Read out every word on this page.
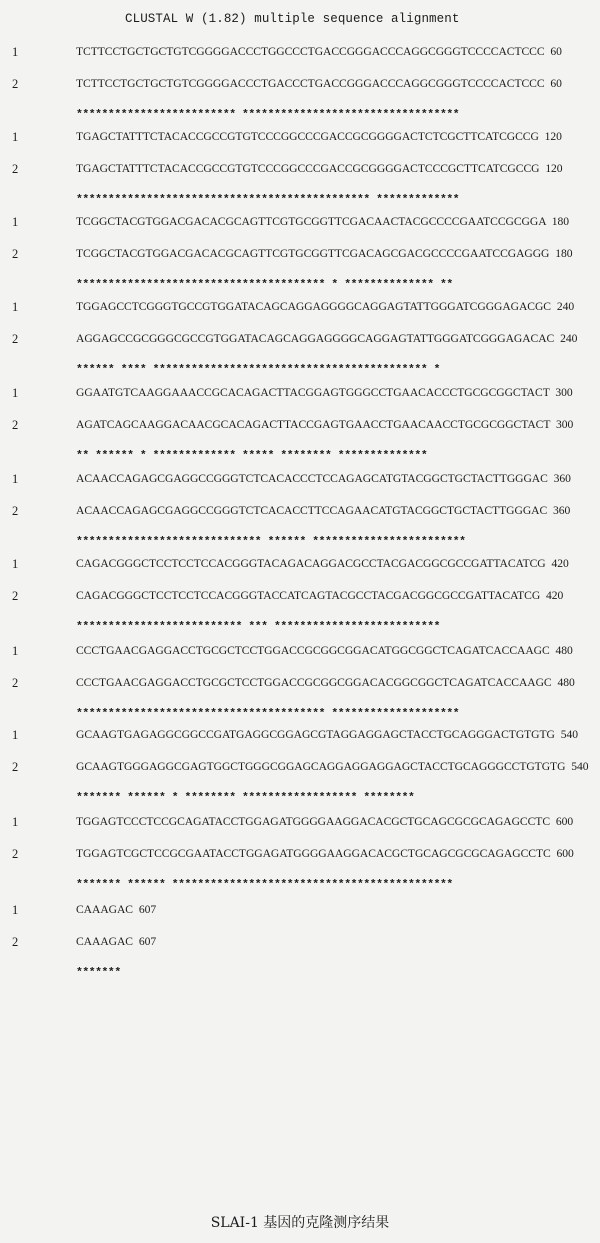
CLUSTAL W (1.82) multiple sequence alignment
1	TCTTCCTGCTGCTGTCGGGGACCCTGGCCCTGACCGGGACCCAGGCGGGTCCCCACTCCC 60
2	TCTTCCTGCTGCTGTCGGGGACCCTGACCCTGACCGGGACCCAGGCGGGTCCCCACTCCC 60
************************* **********************************
1	TGAGCTATTTCTACACCGCCGTGTCCCGGCCCGACCGCGGGGACTCTCGCTTCATCGCCG 120
2	TGAGCTATTTCTACACCGCCGTGTCCCGGCCCGACCGCGGGGACTCCCGCTTCATCGCCG 120
********************************************** *************
1	TCGGCTACGTGGACGACACGCAGTTCGTGCGGTTCGACAACTACGCCCCGAATCCGCGGA 180
2	TCGGCTACGTGGACGACACGCAGTTCGTGCGGTTCGACAGCGACGCCCCGAATCCGAGGG 180
*************************************** * ************** **
1	TGGAGCCTCGGGTGCCGTGGATACAGCAGGAGGGGCAGGAGTATTGGGATCGGGAGACGC 240
2	AGGAGCCGCGGGCGCCGTGGATACAGCAGGAGGGGCAGGAGTATTGGGATCGGGAGACAC 240
****** **** ******************************************* *
1	GGAATGTCAAGGAAACCGCACAGACTTACGGAGTGGGCCTGAACACCCTGCGCGGCTACT 300
2	AGATCAGCAAGGACAACGCACAGACTTACCGAGTGAACCTGAACAACCTGCGCGGCTACT 300
** ****** * ************* ***** ******** **************
1	ACAACCAGAGCGAGGCCGGGTCTCACACCCTCCAGAGCATGTACGGCTGCTACTTGGGAC 360
2	ACAACCAGAGCGAGGCCGGGTCTCACACCTTCCAGAACATGTACGGCTGCTACTTGGGAC 360
***************************** ****** ************************
1	CAGACGGGCTCCTCCTCCACGGGTACAGACAGGACGCCTACGACGGCGCCGATTACATCG 420
2	CAGACGGGCTCCTCCTCCACGGGTACCATCAGTACGCCTACGACGGCGCCGATTACATCG 420
************************** *** **************************
1	CCCTGAACGAGGACCTGCGCTCCTGGACCGCGGCGGACATGGCGGCTCAGATCACCAAGC 480
2	CCCTGAACGAGGACCTGCGCTCCTGGACCGCGGCGGACACGGCGGCTCAGATCACCAAGC 480
*************************************** ********************
1	GCAAGTGAGAGGCGGCCGATGAGGCGGAGCGTAGGAGGAGCTACCTGCAGGGACTGTGTG 540
2	GCAAGTGGGAGGCGAGTGGCTGGGCGGAGCAGGAGGAGGAGCTACCTGCAGGGCCTGTGTG 540
******* ****** * ******** ****************** ********
1	TGGAGTCCCTCCGCAGATACCTGGAGATGGGGAAGGACACGCTGCAGCGCGCAGAGCCTC 600
2	TGGAGTCGCTCCGCGAATACCTGGAGATGGGGAAGGACACGCTGCAGCGCGCAGAGCCTC 600
******* ****** ********************************************
1	CAAAGAC 607
2	CAAAGAC 607
*******
SLAⅠ-1 基因的克隆测序结果
